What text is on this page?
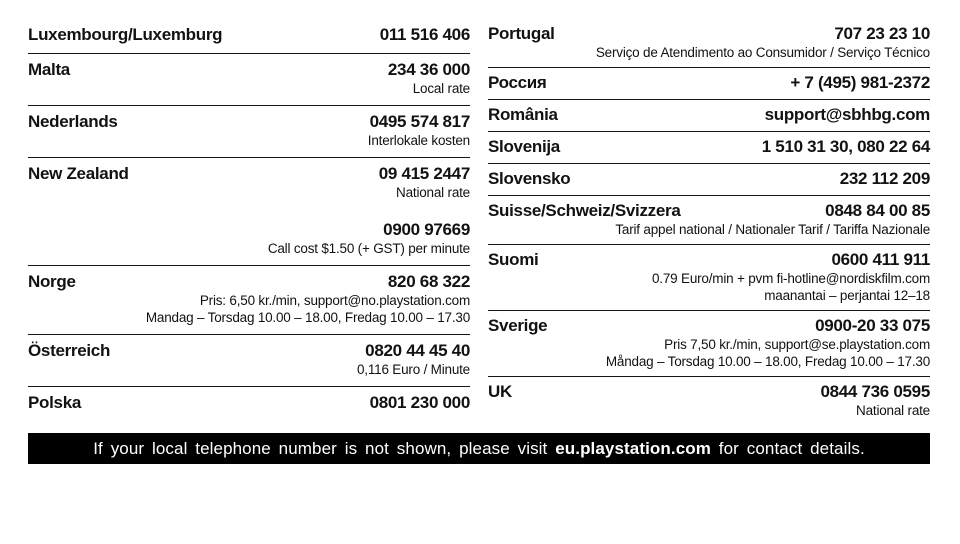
Luxembourg/Luxemburg	011 516 406
Malta	234 36 000
Local rate
Nederlands	0495 574 817
Interlokale kosten
New Zealand	09 415 2447
National rate
0900 97669
Call cost $1.50 (+ GST) per minute
Norge	820 68 322
Pris: 6,50 kr./min, support@no.playstation.com
Mandag – Torsdag 10.00 – 18.00, Fredag 10.00 – 17.30
Österreich	0820 44 45 40
0,116 Euro / Minute
Polska	0801 230 000
Portugal	707 23 23 10
Serviço de Atendimento ao Consumidor / Serviço Técnico
Россия	+ 7 (495) 981-2372
România	support@sbhbg.com
Slovenija	1 510 31 30, 080 22 64
Slovensko	232 112 209
Suisse/Schweiz/Svizzera	0848 84 00 85
Tarif appel national / Nationaler Tarif / Tariffa Nazionale
Suomi	0600 411 911
0.79 Euro/min + pvm fi-hotline@nordiskfilm.com
maanantai – perjantai 12–18
Sverige	0900-20 33 075
Pris 7,50 kr./min, support@se.playstation.com
Måndag – Torsdag 10.00 – 18.00, Fredag 10.00 – 17.30
UK	0844 736 0595
National rate
If your local telephone number is not shown, please visit eu.playstation.com for contact details.
